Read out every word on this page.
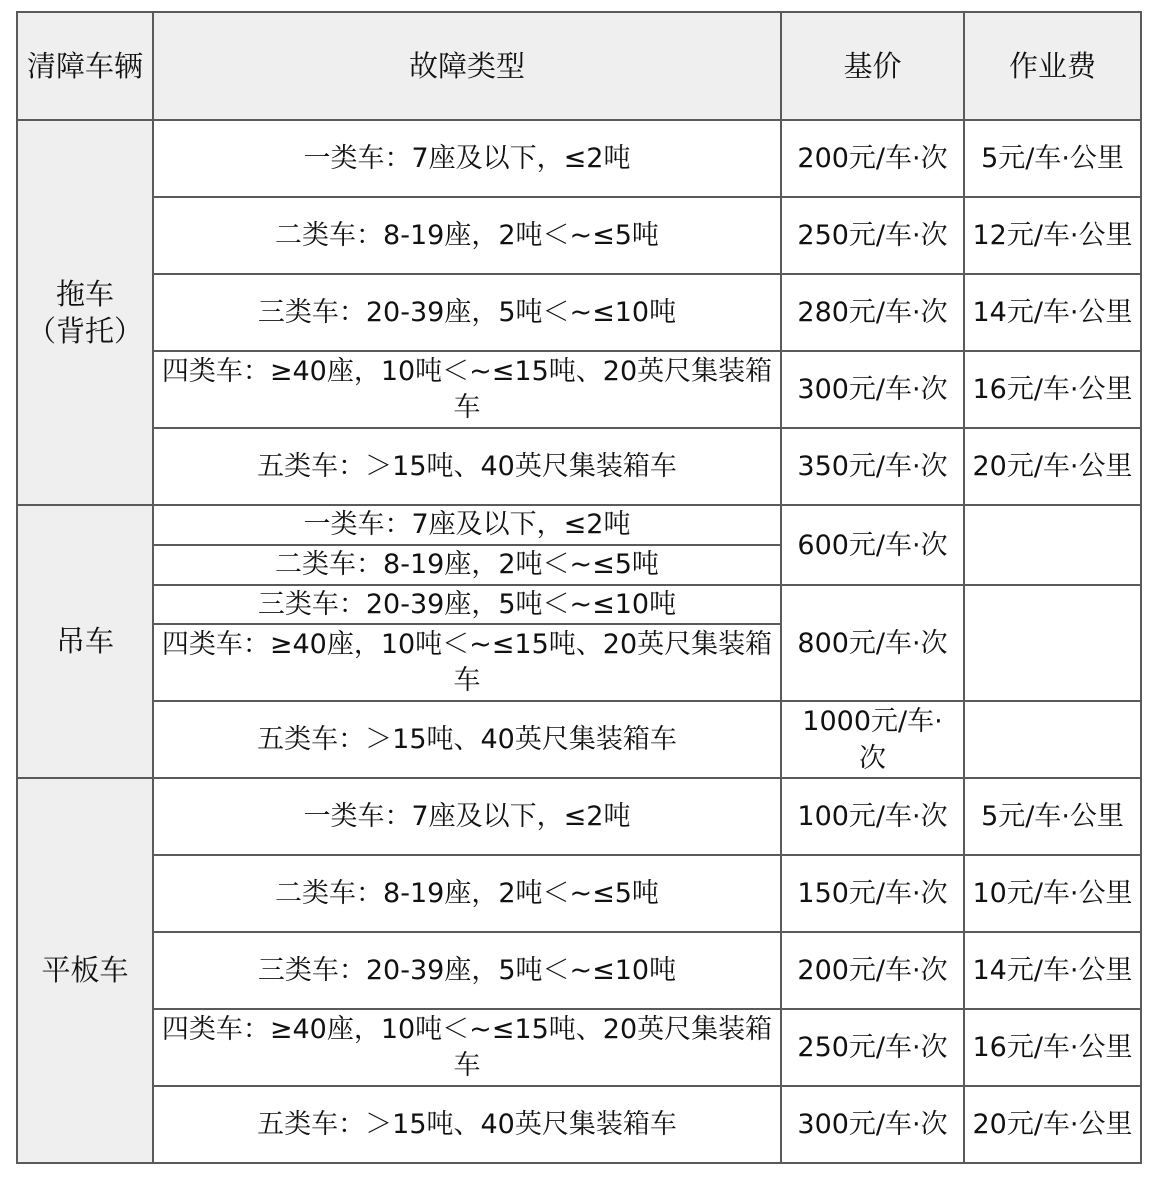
清障车辆	故障类型	基价	作业费
拖车
（背托）	一类车：7座及以下，≤2吨	200元/车·次	5元/车·公里
	二类车：8-19座，2吨＜~≤5吨	250元/车·次	12元/车·公里
	三类车：20-39座，5吨＜~≤10吨	280元/车·次	14元/车·公里
	四类车：≥40座，10吨＜~≤15吨、20英尺集装箱车	300元/车·次	16元/车·公里
	五类车：＞15吨、40英尺集装箱车	350元/车·次	20元/车·公里
吊车	一类车：7座及以下，≤2吨	600元/车·次	
	二类车：8-19座，2吨＜~≤5吨		
	三类车：20-39座，5吨＜~≤10吨	800元/车·次	
	四类车：≥40座，10吨＜~≤15吨、20英尺集装箱车		
	五类车：＞15吨、40英尺集装箱车	1000元/车·次	
平板车	一类车：7座及以下，≤2吨	100元/车·次	5元/车·公里
	二类车：8-19座，2吨＜~≤5吨	150元/车·次	10元/车·公里
	三类车：20-39座，5吨＜~≤10吨	200元/车·次	14元/车·公里
	四类车：≥40座，10吨＜~≤15吨、20英尺集装箱车	250元/车·次	16元/车·公里
	五类车：＞15吨、40英尺集装箱车	300元/车·次	20元/车·公里
